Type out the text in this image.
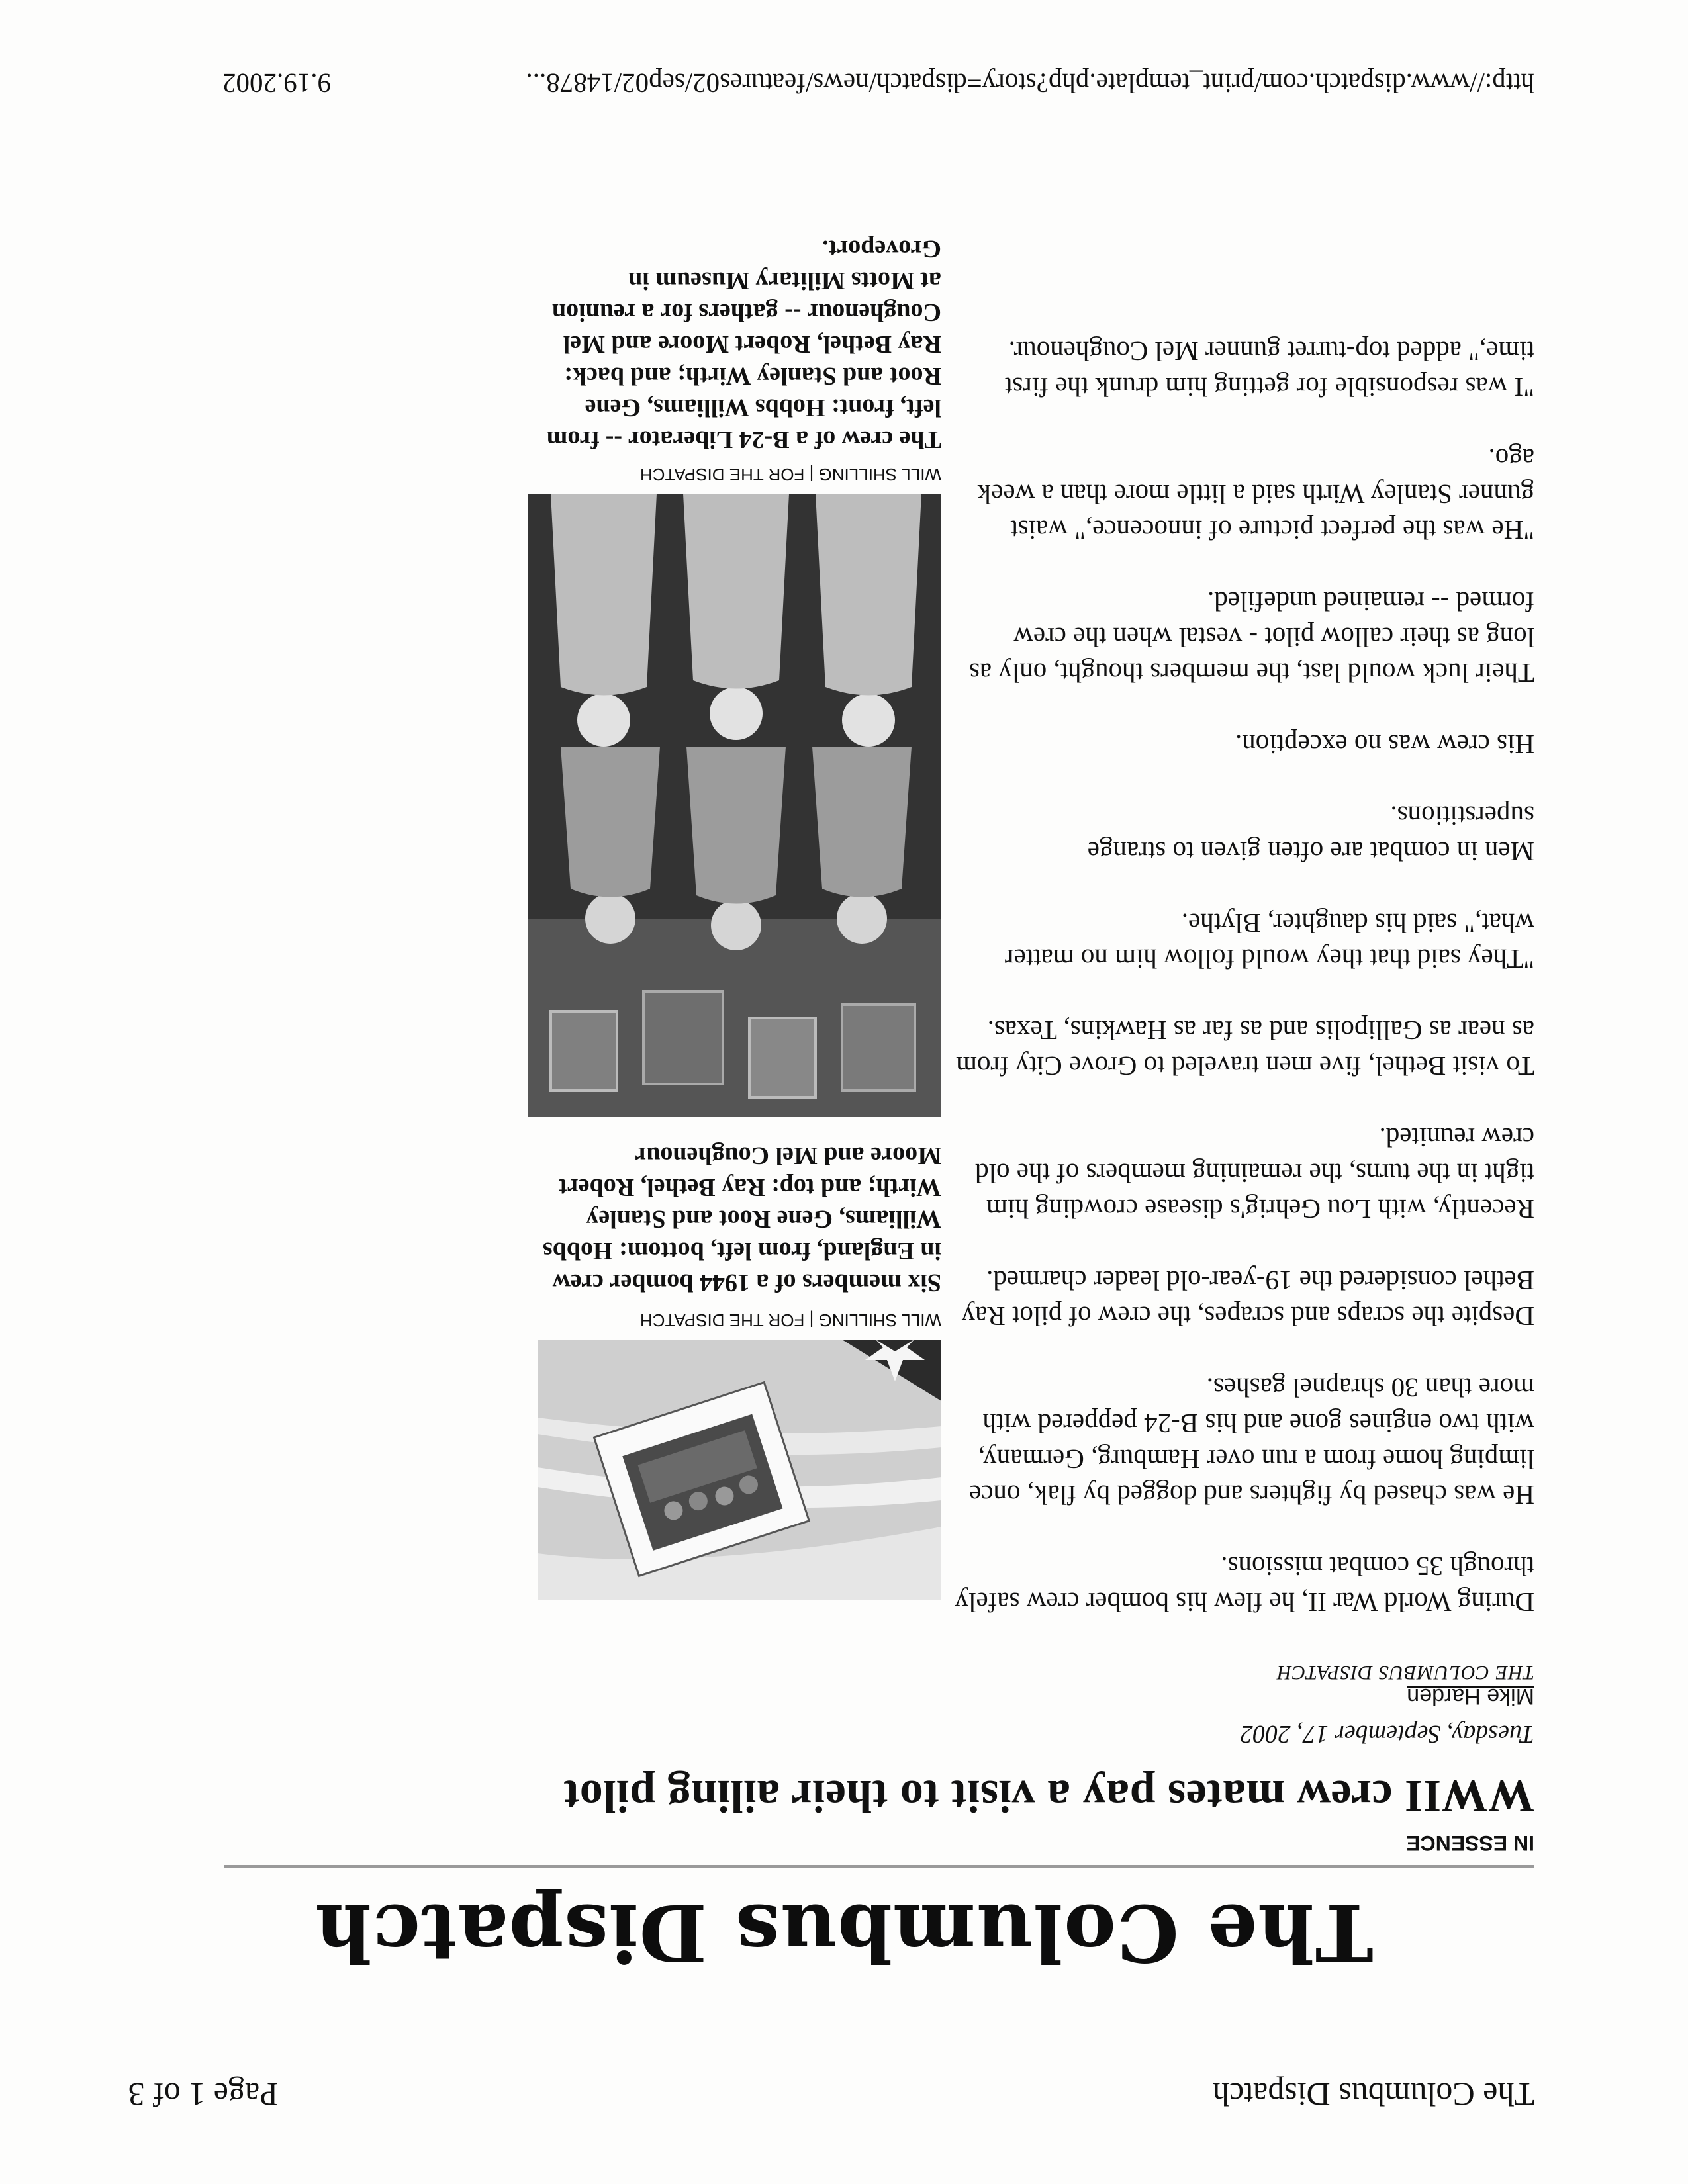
The Columbus Dispatch
Page 1 of 3
The Columbus Dispatch
IN ESSENCE
WWII crew mates pay a visit to their ailing pilot
Tuesday, September 17, 2002
Mike Harden
THE COLUMBUS DISPATCH

During World War II, he flew his bomber crew safely through 35 combat missions.

He was chased by fighters and dogged by flak, once limping home from a run over Hamburg, Germany, with two engines gone and his B-24 peppered with more than 30 shrapnel gashes.

Despite the scraps and scrapes, the crew of pilot Ray Bethel considered the 19-year-old leader charmed.

Recently, with Lou Gehrig's disease crowding him tight in the turns, the remaining members of the old crew reunited.

To visit Bethel, five men traveled to Grove City from as near as Gallipolis and as far as Hawkins, Texas.

"They said that they would follow him no matter what," said his daughter, Blythe.

Men in combat are often given to strange superstitions.

His crew was no exception.

Their luck would last, the members thought, only as long as their callow pilot - vestal when the crew formed -- remained undefiled.

"He was the perfect picture of innocence," waist gunner Stanley Wirth said a little more than a week ago.

"I was responsible for getting him drunk the first time," added top-turret gunner Mel Coughenour.

WILL SHILLING | FOR THE DISPATCH
Six members of a 1944 bomber crew in England, from left, bottom: Hobbs Williams, Gene Root and Stanley Wirth; and top: Ray Bethel, Robert Moore and Mel Coughenour
WILL SHILLING | FOR THE DISPATCH
The crew of a B-24 Liberator -- from left, front: Hobbs Williams, Gene Root and Stanley Wirth; and back: Ray Bethel, Robert Moore and Mel Coughenour -- gathers for a reunion at Motts Military Museum in Groveport.
http://www.dispatch.com/print_template.php?story=dispatch/news/features02/sep02/14878...
9.19.2002
